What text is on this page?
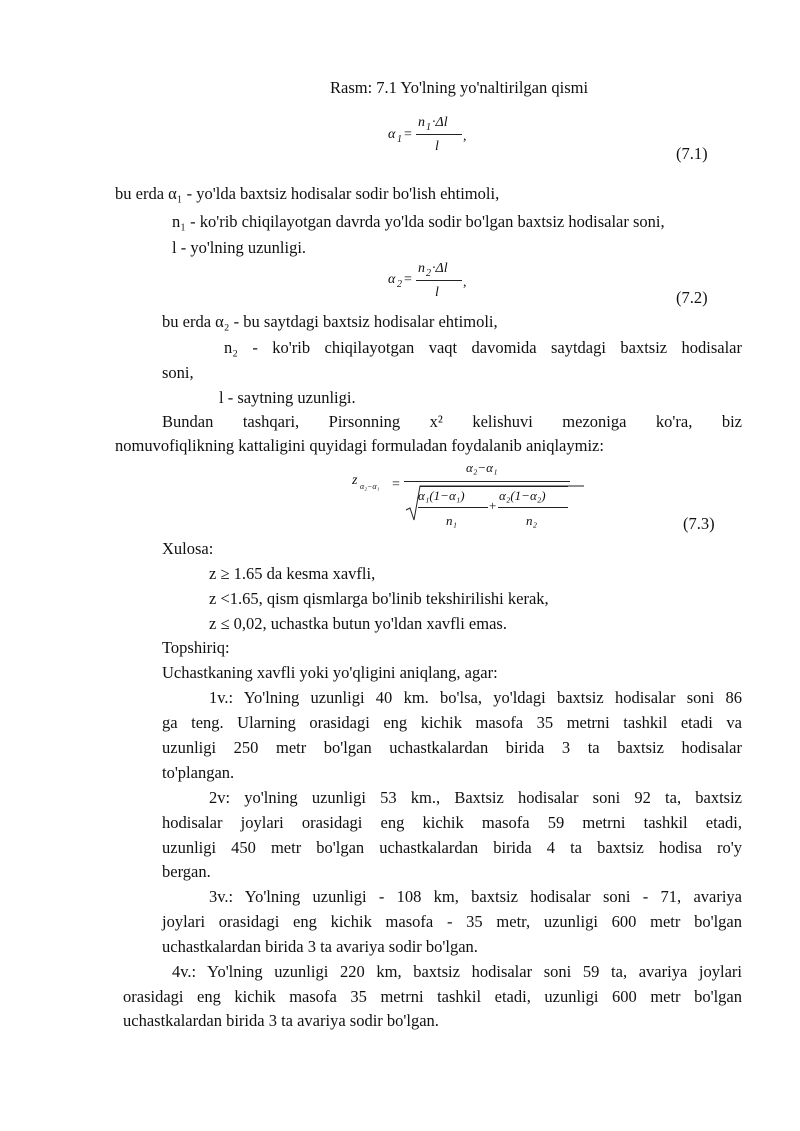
Rasm: 7.1 Yo'lning yo'naltirilgan qismi
α 1 =
n 1 ·Δl
l
,
(7.1)
bu erda α₁ - yo'lda baxtsiz hodisalar sodir bo'lish ehtimoli,
n₁ - ko'rib chiqilayotgan davrda yo'lda sodir bo'lgan baxtsiz hodisalar soni,
l - yo'lning uzunligi.
α 2 =
n 2 ·Δl
l
,
(7.2)
bu erda α₂ - bu saytdagi baxtsiz hodisalar ehtimoli,
n₂ - ko'rib chiqilayotgan vaqt davomida saytdagi baxtsiz hodisalar
soni,
l - saytning uzunligi.
Bundan tashqari, Pirsonning x² kelishuvi mezoniga ko'ra, biz
nomuvofiqlikning kattaligini quyidagi formuladan foydalanib aniqlaymiz:
z α₂−α₁ =
α₂−α₁
α₁(1−α₁)
n₁
+
α₂(1−α₂)
n₂	(7.3)
Xulosa:
z ≥ 1.65 da kesma xavfli,
z <1.65, qism qismlarga bo'linib tekshirilishi kerak,
z ≤ 0,02, uchastka butun yo'ldan xavfli emas.
Topshiriq:
Uchastkaning xavfli yoki yo'qligini aniqlang, agar:
1v.: Yo'lning uzunligi 40 km. bo'lsa, yo'ldagi baxtsiz hodisalar soni 86
ga teng. Ularning orasidagi eng kichik masofa 35 metrni tashkil etadi va
uzunligi 250 metr bo'lgan uchastkalardan birida 3 ta baxtsiz hodisalar
to'plangan.
2v: yo'lning uzunligi 53 km., Baxtsiz hodisalar soni 92 ta, baxtsiz
hodisalar joylari orasidagi eng kichik masofa 59 metrni tashkil etadi,
uzunligi 450 metr bo'lgan uchastkalardan birida 4 ta baxtsiz hodisa ro'y
bergan.
3v.: Yo'lning uzunligi - 108 km, baxtsiz hodisalar soni - 71, avariya
joylari orasidagi eng kichik masofa - 35 metr, uzunligi 600 metr bo'lgan
uchastkalardan birida 3 ta avariya sodir bo'lgan.
4v.: Yo'lning uzunligi 220 km, baxtsiz hodisalar soni 59 ta, avariya joylari
orasidagi eng kichik masofa 35 metrni tashkil etadi, uzunligi 600 metr bo'lgan
uchastkalardan birida 3 ta avariya sodir bo'lgan.
